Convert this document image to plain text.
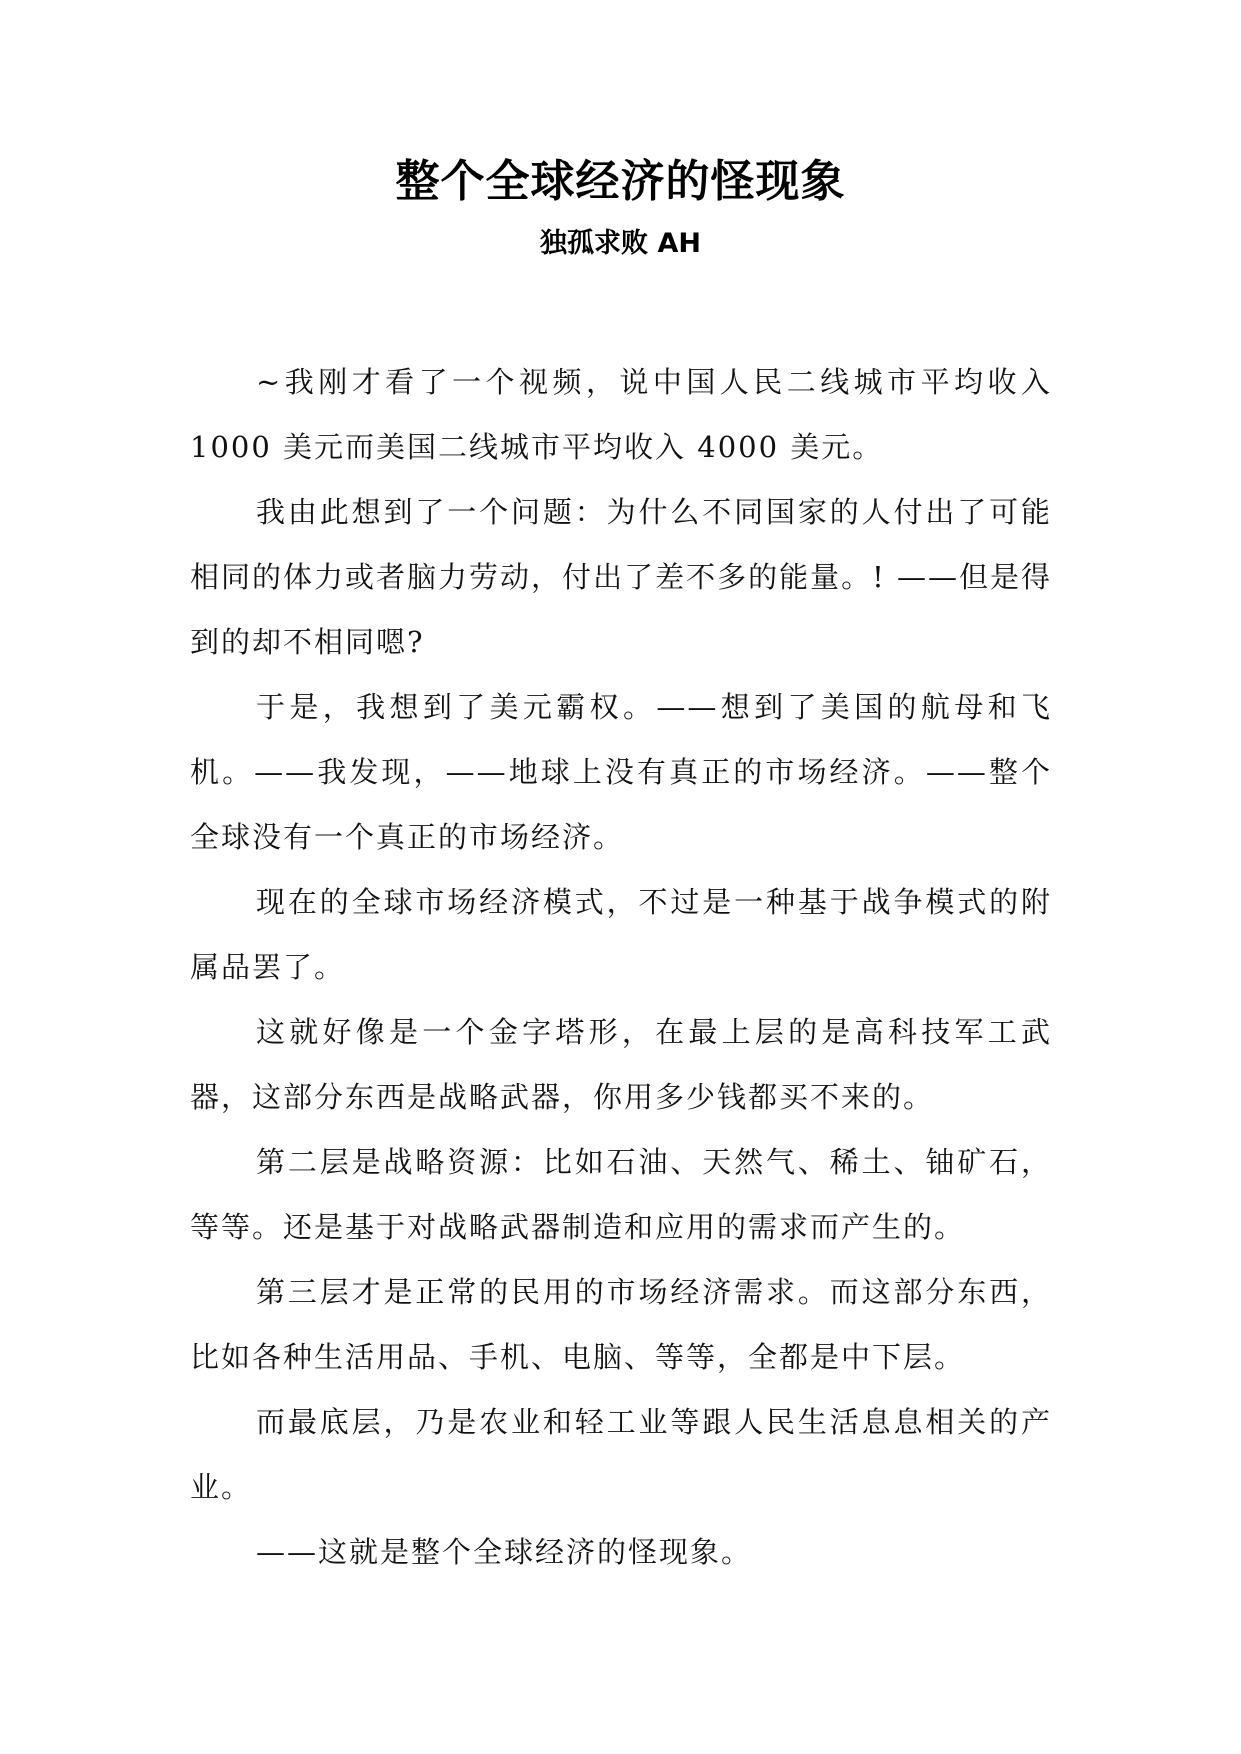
整个全球经济的怪现象
独孤求败 AH

~我刚才看了一个视频，说中国人民二线城市平均收入1000 美元而美国二线城市平均收入 4000 美元。

我由此想到了一个问题：为什么不同国家的人付出了可能相同的体力或者脑力劳动，付出了差不多的能量。! ——但是得到的却不相同嗯?

于是，我想到了美元霸权。——想到了美国的航母和飞机。——我发现，——地球上没有真正的市场经济。——整个全球没有一个真正的市场经济。

现在的全球市场经济模式，不过是一种基于战争模式的附属品罢了。

这就好像是一个金字塔形，在最上层的是高科技军工武器，这部分东西是战略武器，你用多少钱都买不来的。

第二层是战略资源：比如石油、天然气、稀土、铀矿石，等等。还是基于对战略武器制造和应用的需求而产生的。

第三层才是正常的民用的市场经济需求。而这部分东西，比如各种生活用品、手机、电脑、等等，全都是中下层。

而最底层，乃是农业和轻工业等跟人民生活息息相关的产业。

——这就是整个全球经济的怪现象。
